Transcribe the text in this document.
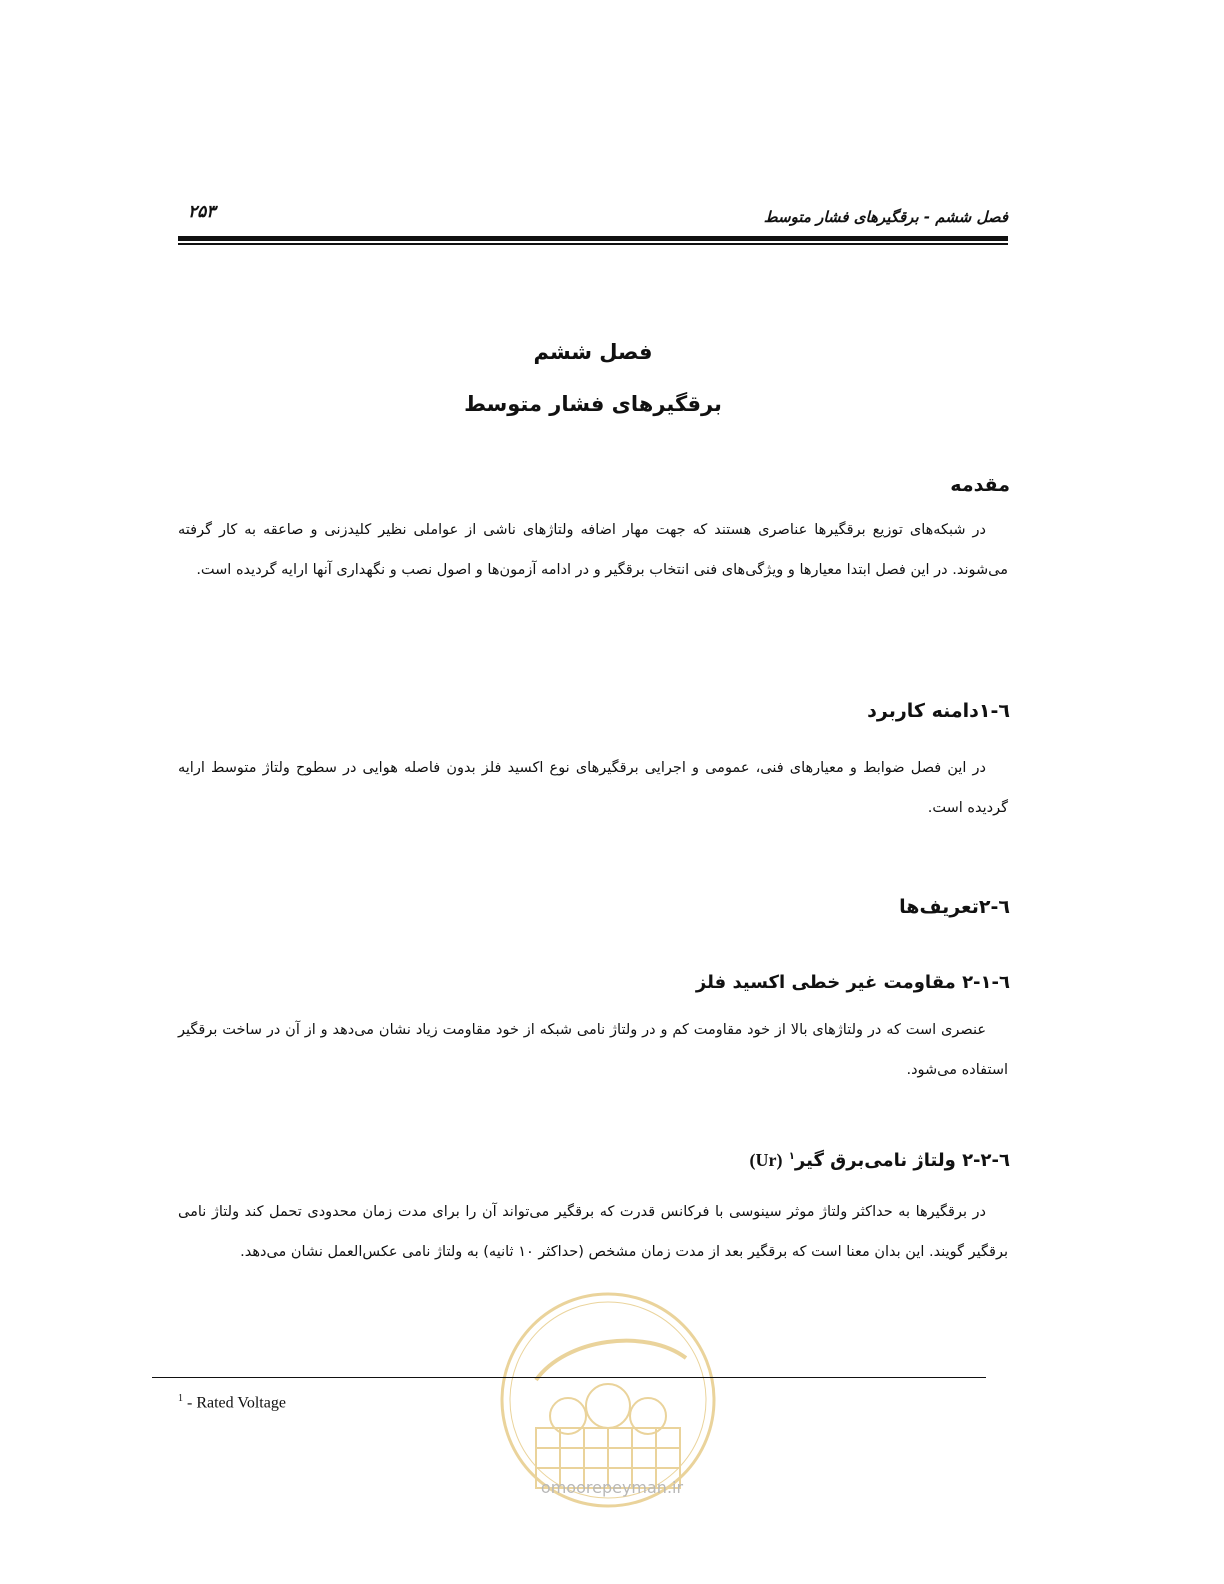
فصل ششم - برقگیرهای فشار متوسط
۲۵۳
فصل ششم
برقگیرهای فشار متوسط
مقدمه

در شبکه‌های توزیع برقگیرها عناصری هستند که جهت مهار اضافه ولتاژهای ناشی از عواملی نظیر کلیدزنی و صاعقه به کار گرفته می‌شوند. در این فصل ابتدا معیارها و ویژگی‌های فنی انتخاب برقگیر و در ادامه آزمون‌ها و اصول نصب و نگهداری آنها ارایه گردیده است.

٦-۱دامنه کاربرد

در این فصل ضوابط و معیارهای فنی، عمومی و اجرایی برقگیرهای نوع اکسید فلز بدون فاصله هوایی در سطوح ولتاژ متوسط ارایه گردیده است.

٦-۲تعریف‌ها
٦-۲-۱ مقاومت غیر خطی اکسید فلز

عنصری است که در ولتاژهای بالا از خود مقاومت کم و در ولتاژ نامی شبکه از خود مقاومت زیاد نشان می‌دهد و از آن در ساخت برقگیر استفاده می‌شود.

٦-۲-۲ ولتاژ نامی‌برق گیر$^۱$ (Ur)

در برقگیرها به حداکثر ولتاژ موثر سینوسی با فرکانس قدرت که برقگیر می‌تواند آن را برای مدت زمان محدودی تحمل کند ولتاژ نامی برقگیر گویند. این بدان معنا است که برقگیر بعد از مدت زمان مشخص (حداکثر ۱۰ ثانیه) به ولتاژ نامی عکس‌العمل نشان می‌دهد.

omoorepeyman.ir
$^1$ - Rated Voltage
